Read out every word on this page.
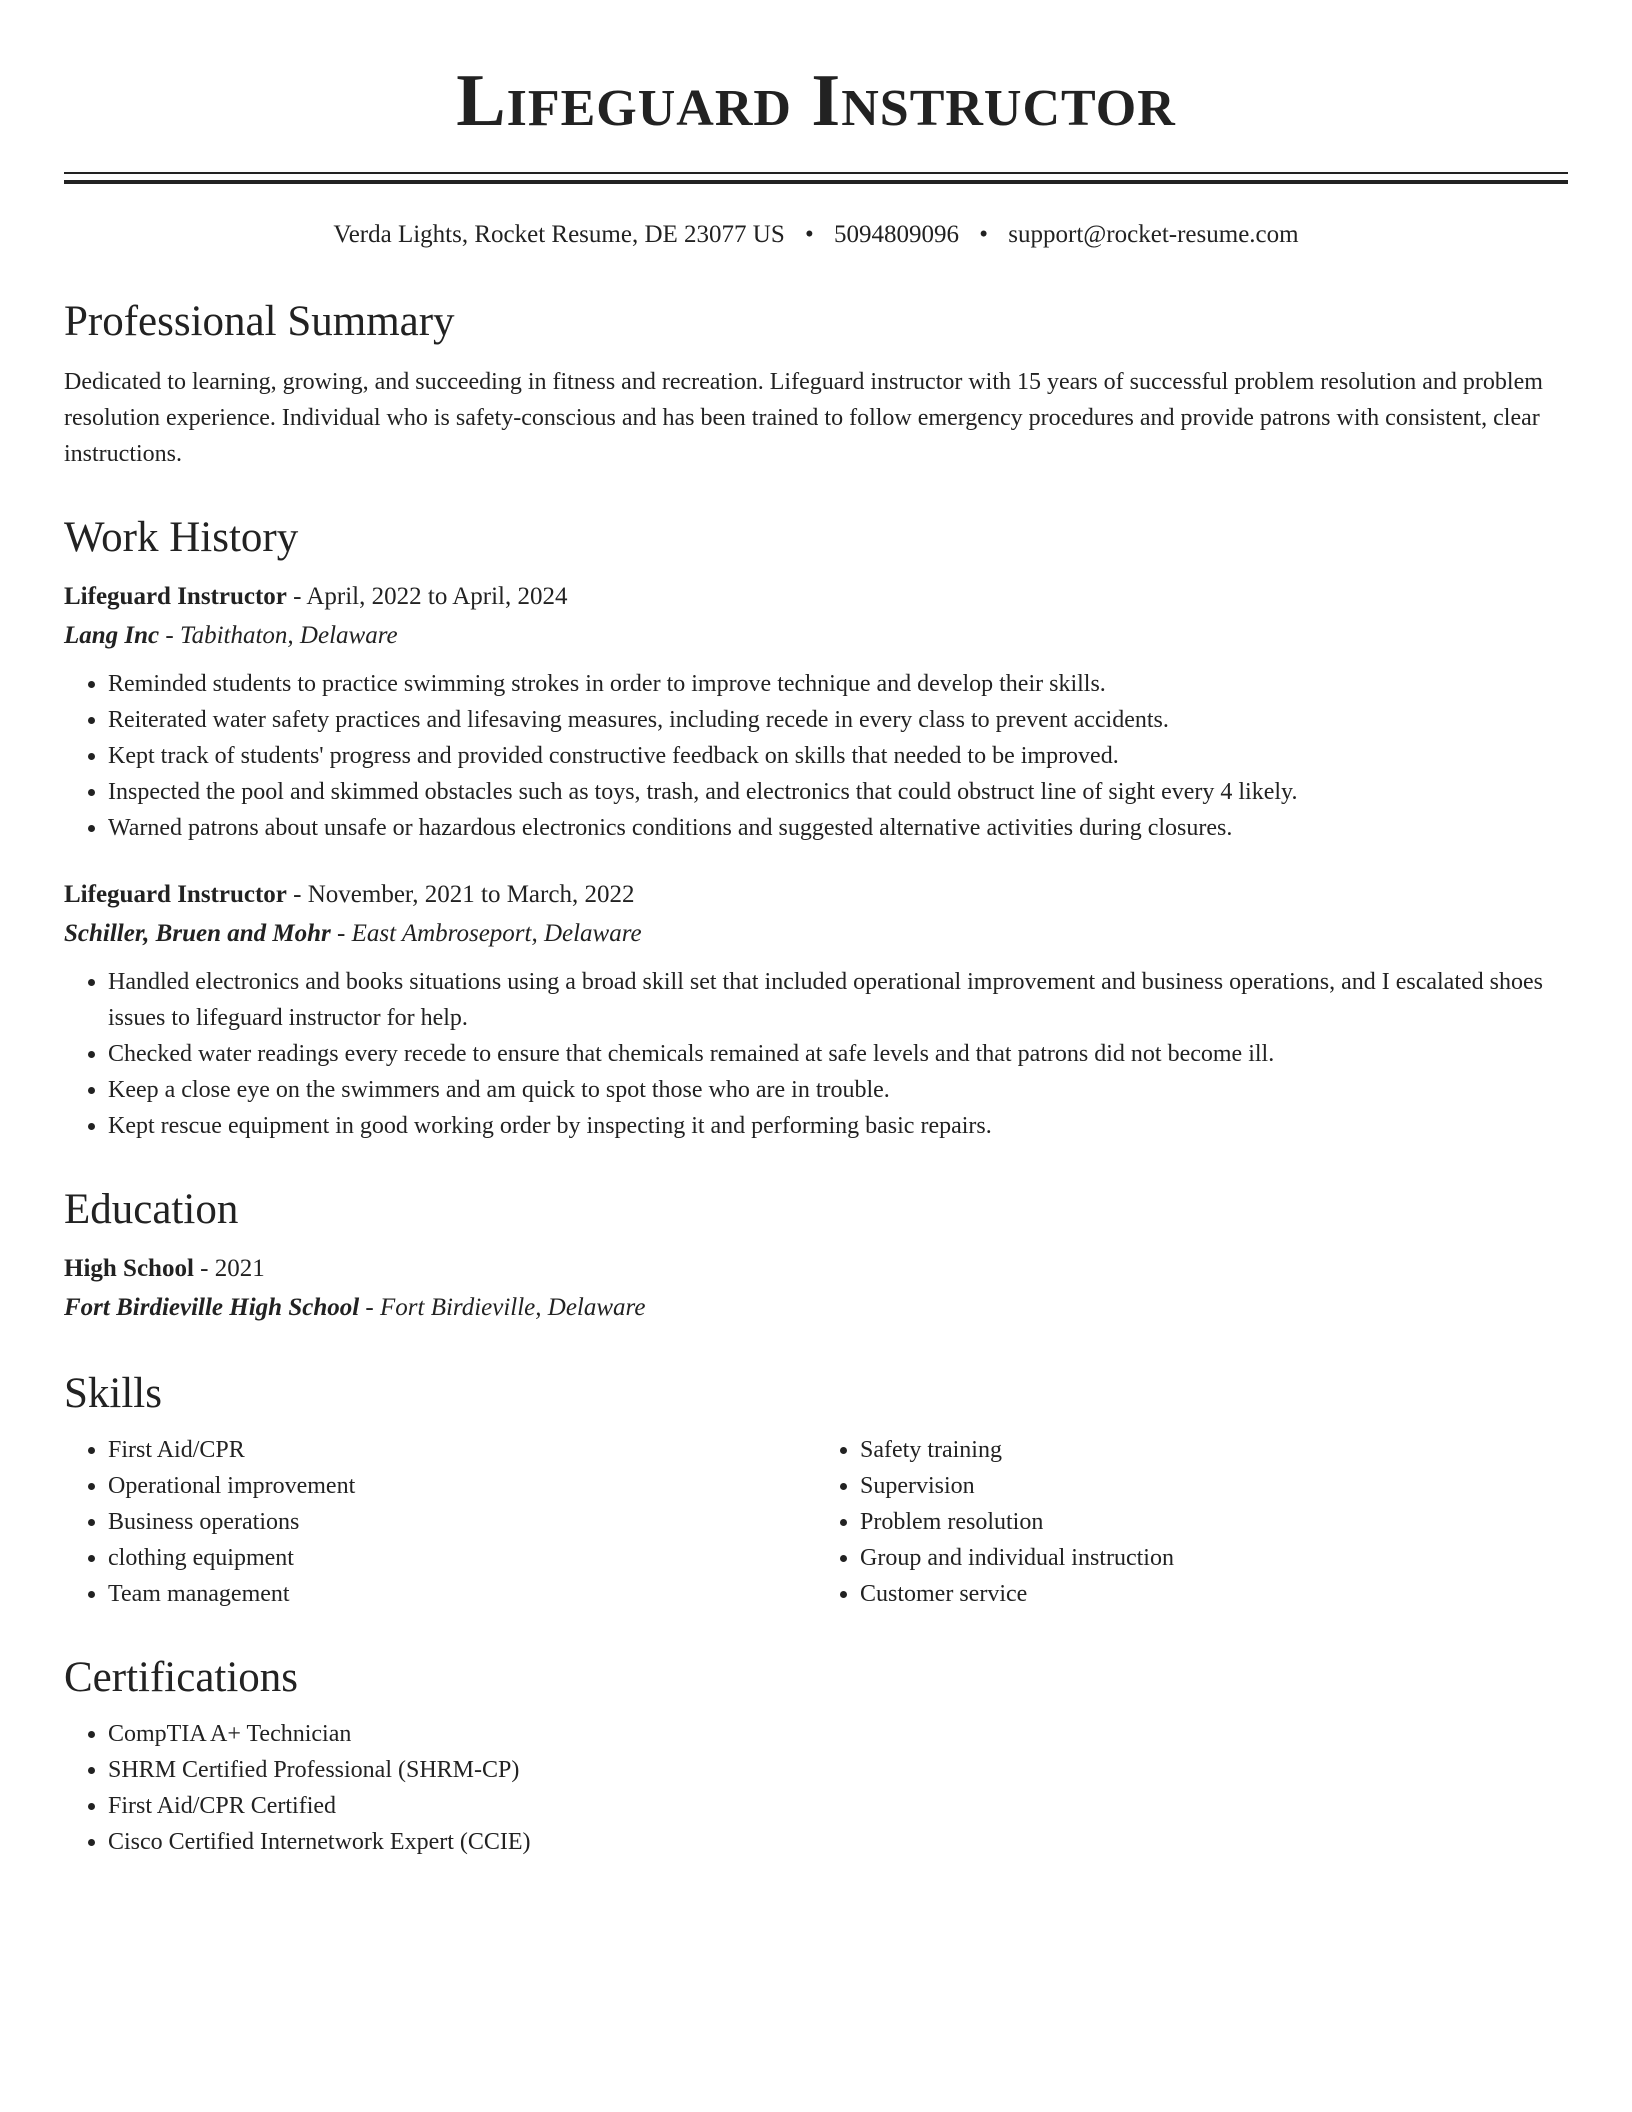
Lifeguard Instructor
Verda Lights, Rocket Resume, DE 23077 US • 5094809096 • support@rocket-resume.com
Professional Summary
Dedicated to learning, growing, and succeeding in fitness and recreation. Lifeguard instructor with 15 years of successful problem resolution and problem resolution experience. Individual who is safety-conscious and has been trained to follow emergency procedures and provide patrons with consistent, clear instructions.
Work History
Lifeguard Instructor - April, 2022 to April, 2024
Lang Inc - Tabithaton, Delaware
• Reminded students to practice swimming strokes in order to improve technique and develop their skills.
• Reiterated water safety practices and lifesaving measures, including recede in every class to prevent accidents.
• Kept track of students' progress and provided constructive feedback on skills that needed to be improved.
• Inspected the pool and skimmed obstacles such as toys, trash, and electronics that could obstruct line of sight every 4 likely.
• Warned patrons about unsafe or hazardous electronics conditions and suggested alternative activities during closures.
Lifeguard Instructor - November, 2021 to March, 2022
Schiller, Bruen and Mohr - East Ambroseport, Delaware
• Handled electronics and books situations using a broad skill set that included operational improvement and business operations, and I escalated shoes issues to lifeguard instructor for help.
• Checked water readings every recede to ensure that chemicals remained at safe levels and that patrons did not become ill.
• Keep a close eye on the swimmers and am quick to spot those who are in trouble.
• Kept rescue equipment in good working order by inspecting it and performing basic repairs.
Education
High School - 2021
Fort Birdieville High School - Fort Birdieville, Delaware
Skills
• First Aid/CPR
• Operational improvement
• Business operations
• clothing equipment
• Team management
• Safety training
• Supervision
• Problem resolution
• Group and individual instruction
• Customer service
Certifications
• CompTIA A+ Technician
• SHRM Certified Professional (SHRM-CP)
• First Aid/CPR Certified
• Cisco Certified Internetwork Expert (CCIE)
